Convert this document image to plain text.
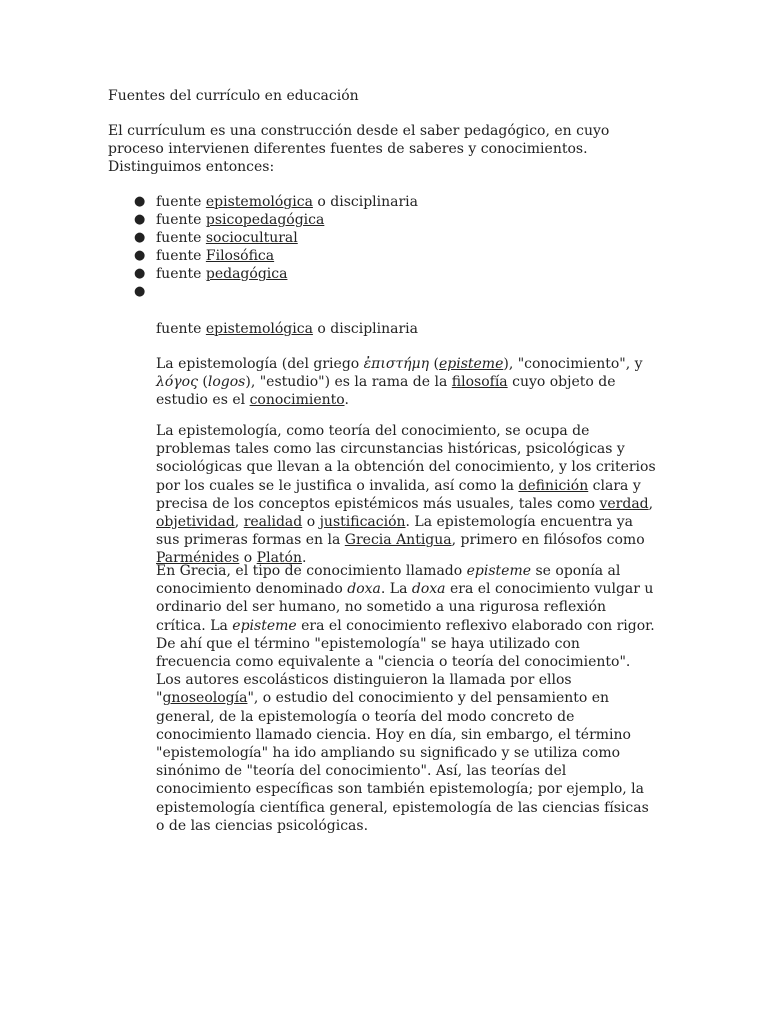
Fuentes del currículo en educación

El currículum es una construcción desde el saber pedagógico, en cuyo proceso intervienen diferentes fuentes de saberes y conocimientos. Distinguimos entonces:

● fuente epistemológica o disciplinaria
● fuente psicopedagógica
● fuente sociocultural
● fuente Filosófica
● fuente pedagógica
●

fuente epistemológica o disciplinaria

La epistemología (del griego ἐπιστήμη (episteme), "conocimiento", y λόγος (logos), "estudio") es la rama de la filosofía cuyo objeto de estudio es el conocimiento.

La epistemología, como teoría del conocimiento, se ocupa de problemas tales como las circunstancias históricas, psicológicas y sociológicas que llevan a la obtención del conocimiento, y los criterios por los cuales se le justifica o invalida, así como la definición clara y precisa de los conceptos epistémicos más usuales, tales como verdad, objetividad, realidad o justificación. La epistemología encuentra ya sus primeras formas en la Grecia Antigua, primero en filósofos como Parménides o Platón.

En Grecia, el tipo de conocimiento llamado episteme se oponía al conocimiento denominado doxa. La doxa era el conocimiento vulgar u ordinario del ser humano, no sometido a una rigurosa reflexión crítica. La episteme era el conocimiento reflexivo elaborado con rigor. De ahí que el término "epistemología" se haya utilizado con frecuencia como equivalente a "ciencia o teoría del conocimiento". Los autores escolásticos distinguieron la llamada por ellos "gnoseología", o estudio del conocimiento y del pensamiento en general, de la epistemología o teoría del modo concreto de conocimiento llamado ciencia. Hoy en día, sin embargo, el término "epistemología" ha ido ampliando su significado y se utiliza como sinónimo de "teoría del conocimiento". Así, las teorías del conocimiento específicas son también epistemología; por ejemplo, la epistemología científica general, epistemología de las ciencias físicas o de las ciencias psicológicas.
